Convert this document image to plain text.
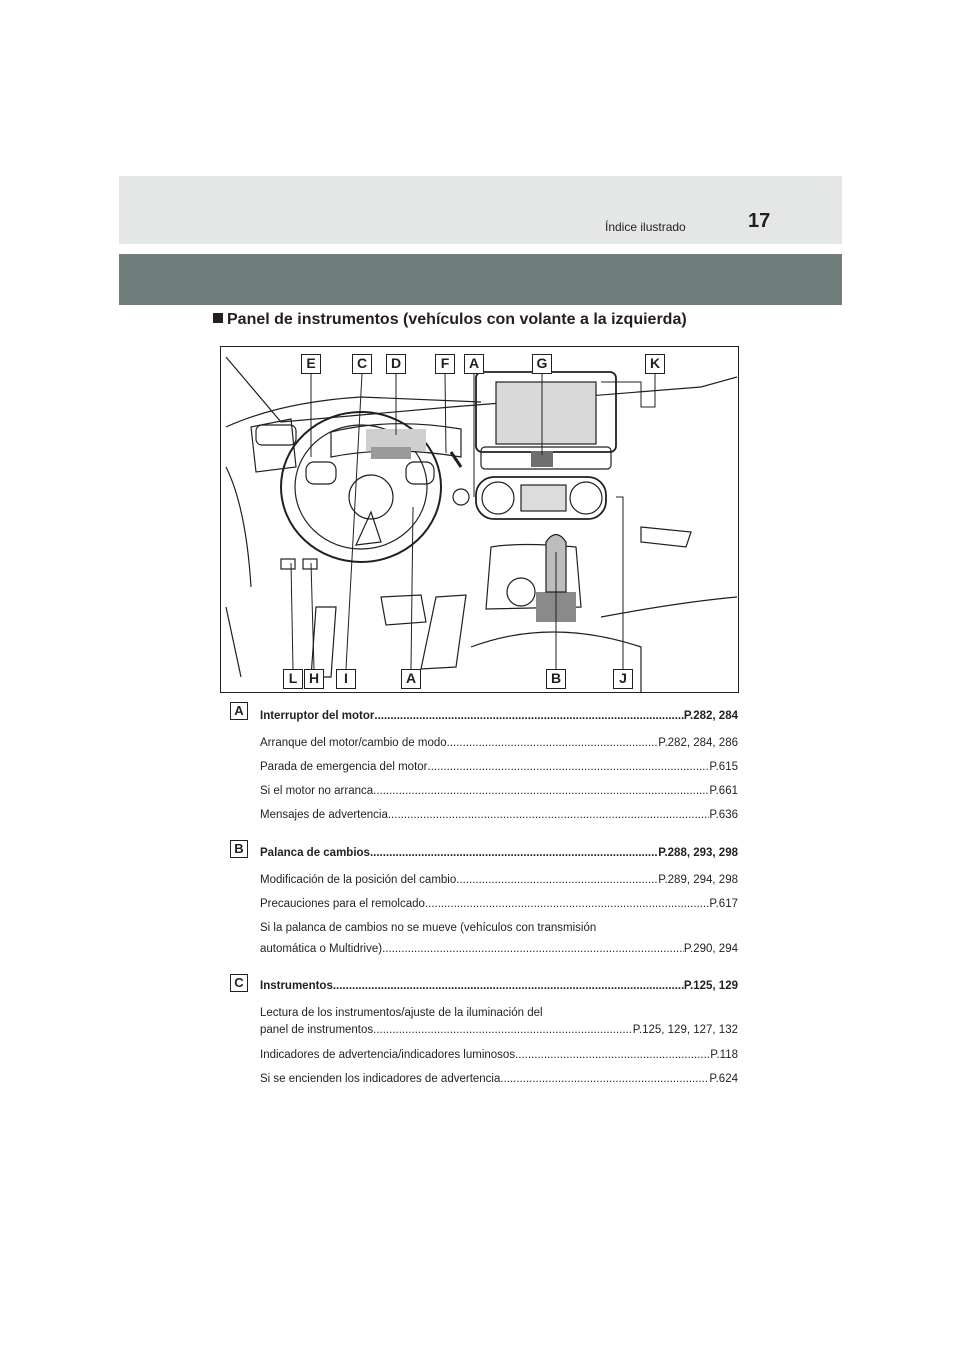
Índice ilustrado	17
Panel de instrumentos (vehículos con volante a la izquierda)
E	C	D	F	A	G	K
L H	I	A	B	J
A	Interruptor del motor .....	P.282, 284
Arranque del motor/cambio de modo .....	P.282, 284, 286
Parada de emergencia del motor .....	P.615
Si el motor no arranca .....	P.661
Mensajes de advertencia .....	P.636
B	Palanca de cambios .....	P.288, 293, 298
Modificación de la posición del cambio .....	P.289, 294, 298
Precauciones para el remolcado .....	P.617
Si la palanca de cambios no se mueve (vehículos con transmisión
automática o Multidrive) .....	P.290, 294
C	Instrumentos .....	P.125, 129
Lectura de los instrumentos/ajuste de la iluminación del
panel de instrumentos .....	P.125, 129, 127, 132
Indicadores de advertencia/indicadores luminosos .....	P.118
Si se encienden los indicadores de advertencia .....	P.624
